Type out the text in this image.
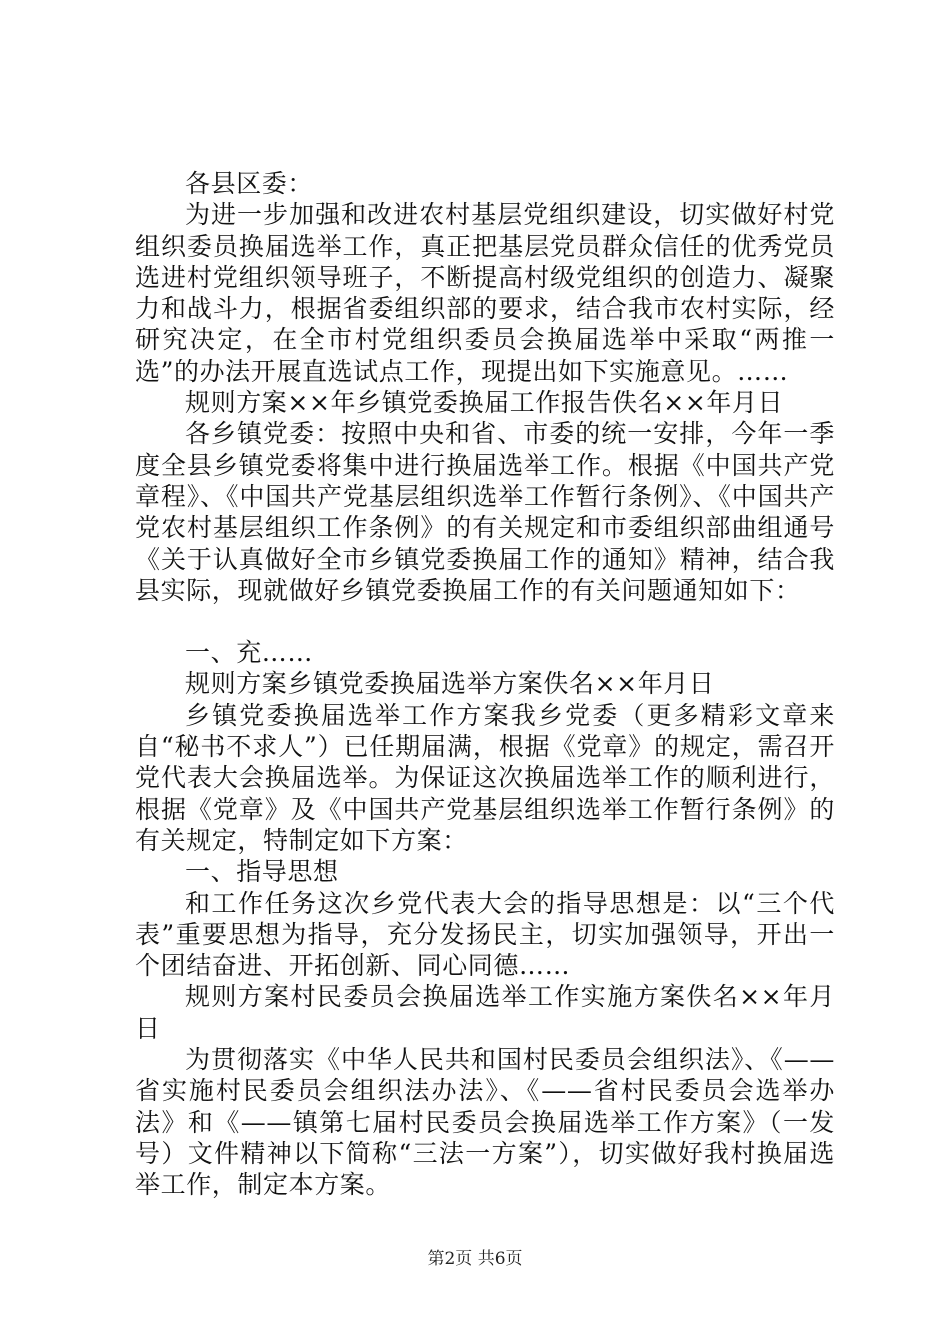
各县区委：

为进一步加强和改进农村基层党组织建设，切实做好村党组织委员换届选举工作，真正把基层党员群众信任的优秀党员选进村党组织领导班子，不断提高村级党组织的创造力、凝聚力和战斗力，根据省委组织部的要求，结合我市农村实际，经研究决定，在全市村党组织委员会换届选举中采取“两推一选”的办法开展直选试点工作，现提出如下实施意见。……

规则方案××年乡镇党委换届工作报告佚名××年月日

各乡镇党委：按照中央和省、市委的统一安排，今年一季度全县乡镇党委将集中进行换届选举工作。根据《中国共产党章程》、《中国共产党基层组织选举工作暂行条例》、《中国共产党农村基层组织工作条例》的有关规定和市委组织部曲组通号《关于认真做好全市乡镇党委换届工作的通知》精神，结合我县实际，现就做好乡镇党委换届工作的有关问题通知如下：

一、充……

规则方案乡镇党委换届选举方案佚名××年月日

乡镇党委换届选举工作方案我乡党委（更多精彩文章来自“秘书不求人”）已任期届满，根据《党章》的规定，需召开党代表大会换届选举。为保证这次换届选举工作的顺利进行，根据《党章》及《中国共产党基层组织选举工作暂行条例》的有关规定，特制定如下方案：

一、指导思想

和工作任务这次乡党代表大会的指导思想是：以“三个代表”重要思想为指导，充分发扬民主，切实加强领导，开出一个团结奋进、开拓创新、同心同德……

规则方案村民委员会换届选举工作实施方案佚名××年月日

为贯彻落实《中华人民共和国村民委员会组织法》、《——省实施村民委员会组织法办法》、《——省村民委员会选举办法》和《——镇第七届村民委员会换届选举工作方案》（一发号）文件精神以下简称“三法一方案”），切实做好我村换届选举工作，制定本方案。

第2页 共6页
